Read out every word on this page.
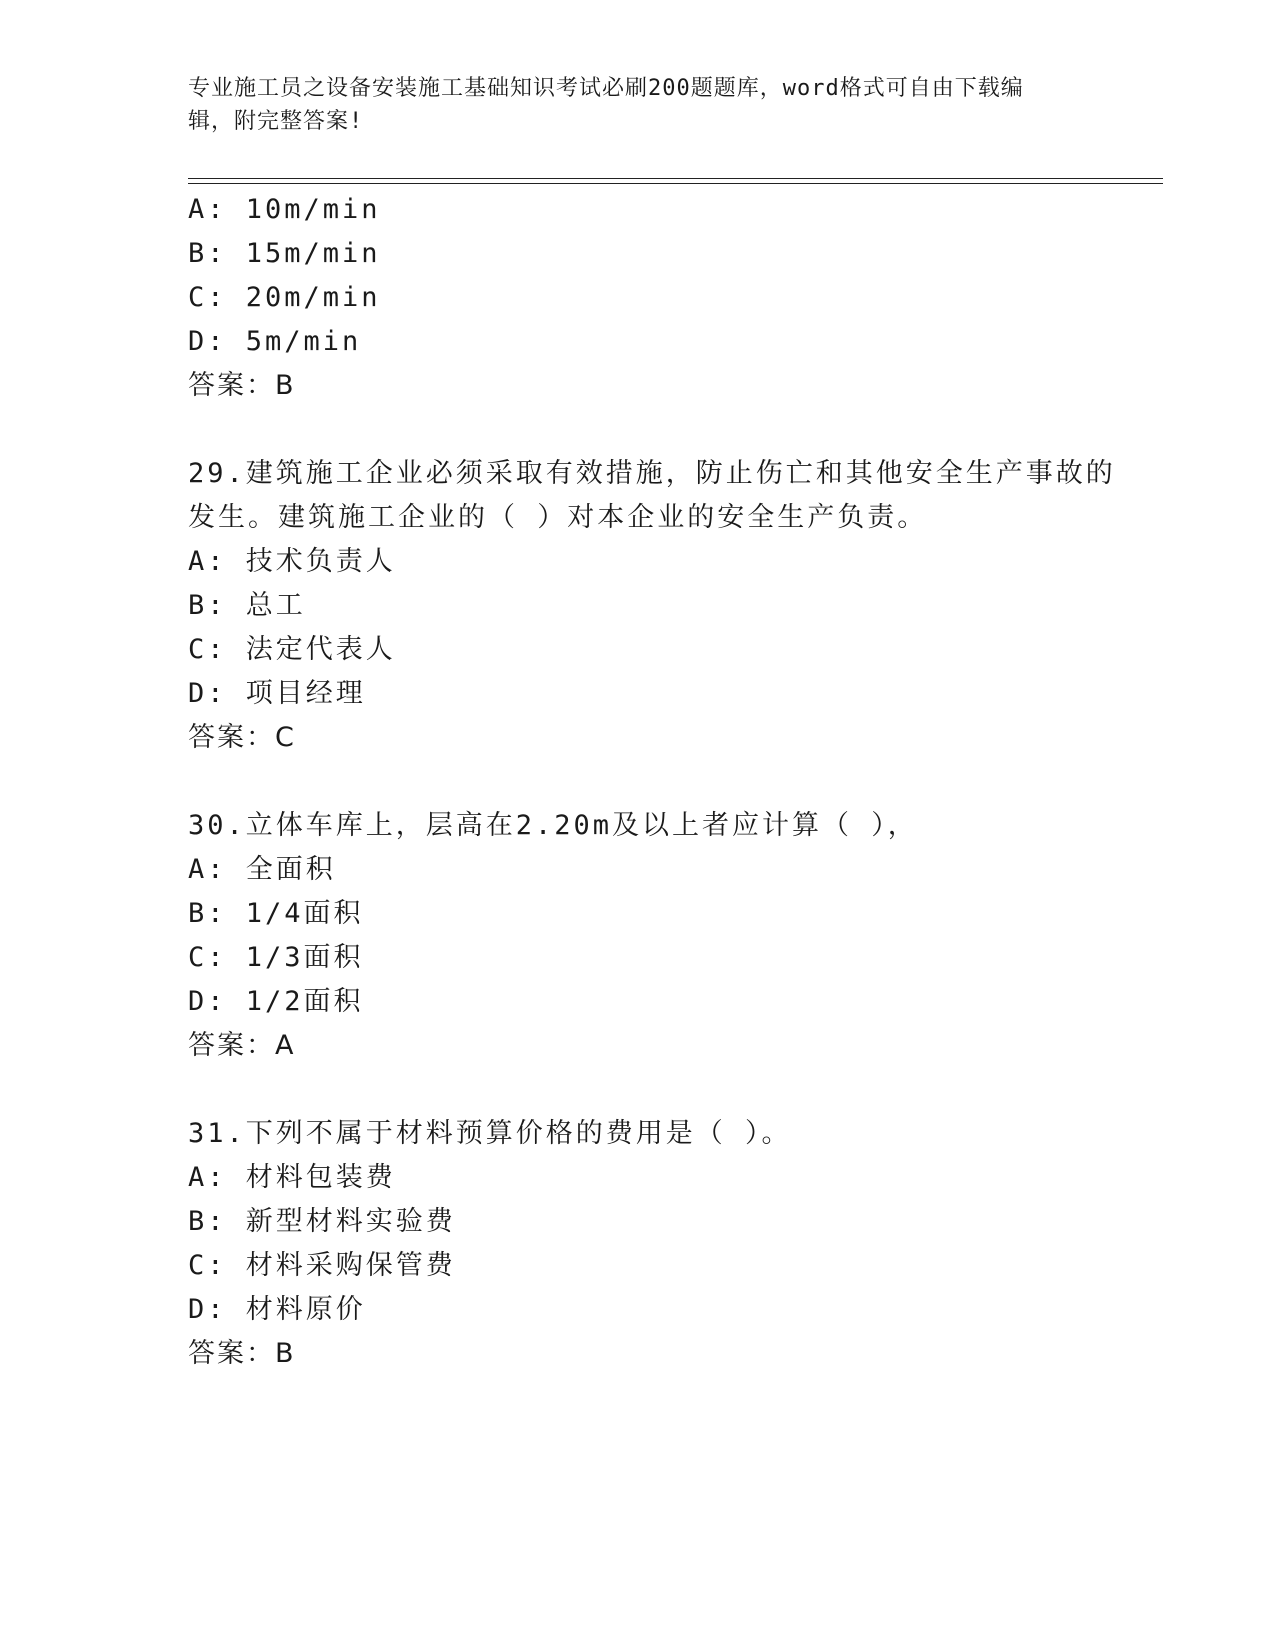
专业施工员之设备安装施工基础知识考试必刷200题题库，word格式可自由下载编辑，附完整答案!
A: 10m/min
B: 15m/min
C: 20m/min
D: 5m/min
答案：B
29.建筑施工企业必须采取有效措施，防止伤亡和其他安全生产事故的
发生。建筑施工企业的（ ）对本企业的安全生产负责。
A: 技术负责人
B: 总工
C: 法定代表人
D: 项目经理
答案：C
30.立体车库上，层高在2.20m及以上者应计算（ ），
A: 全面积
B: 1/4面积
C: 1/3面积
D: 1/2面积
答案：A
31.下列不属于材料预算价格的费用是（ ）。
A: 材料包装费
B: 新型材料实验费
C: 材料采购保管费
D: 材料原价
答案：B
